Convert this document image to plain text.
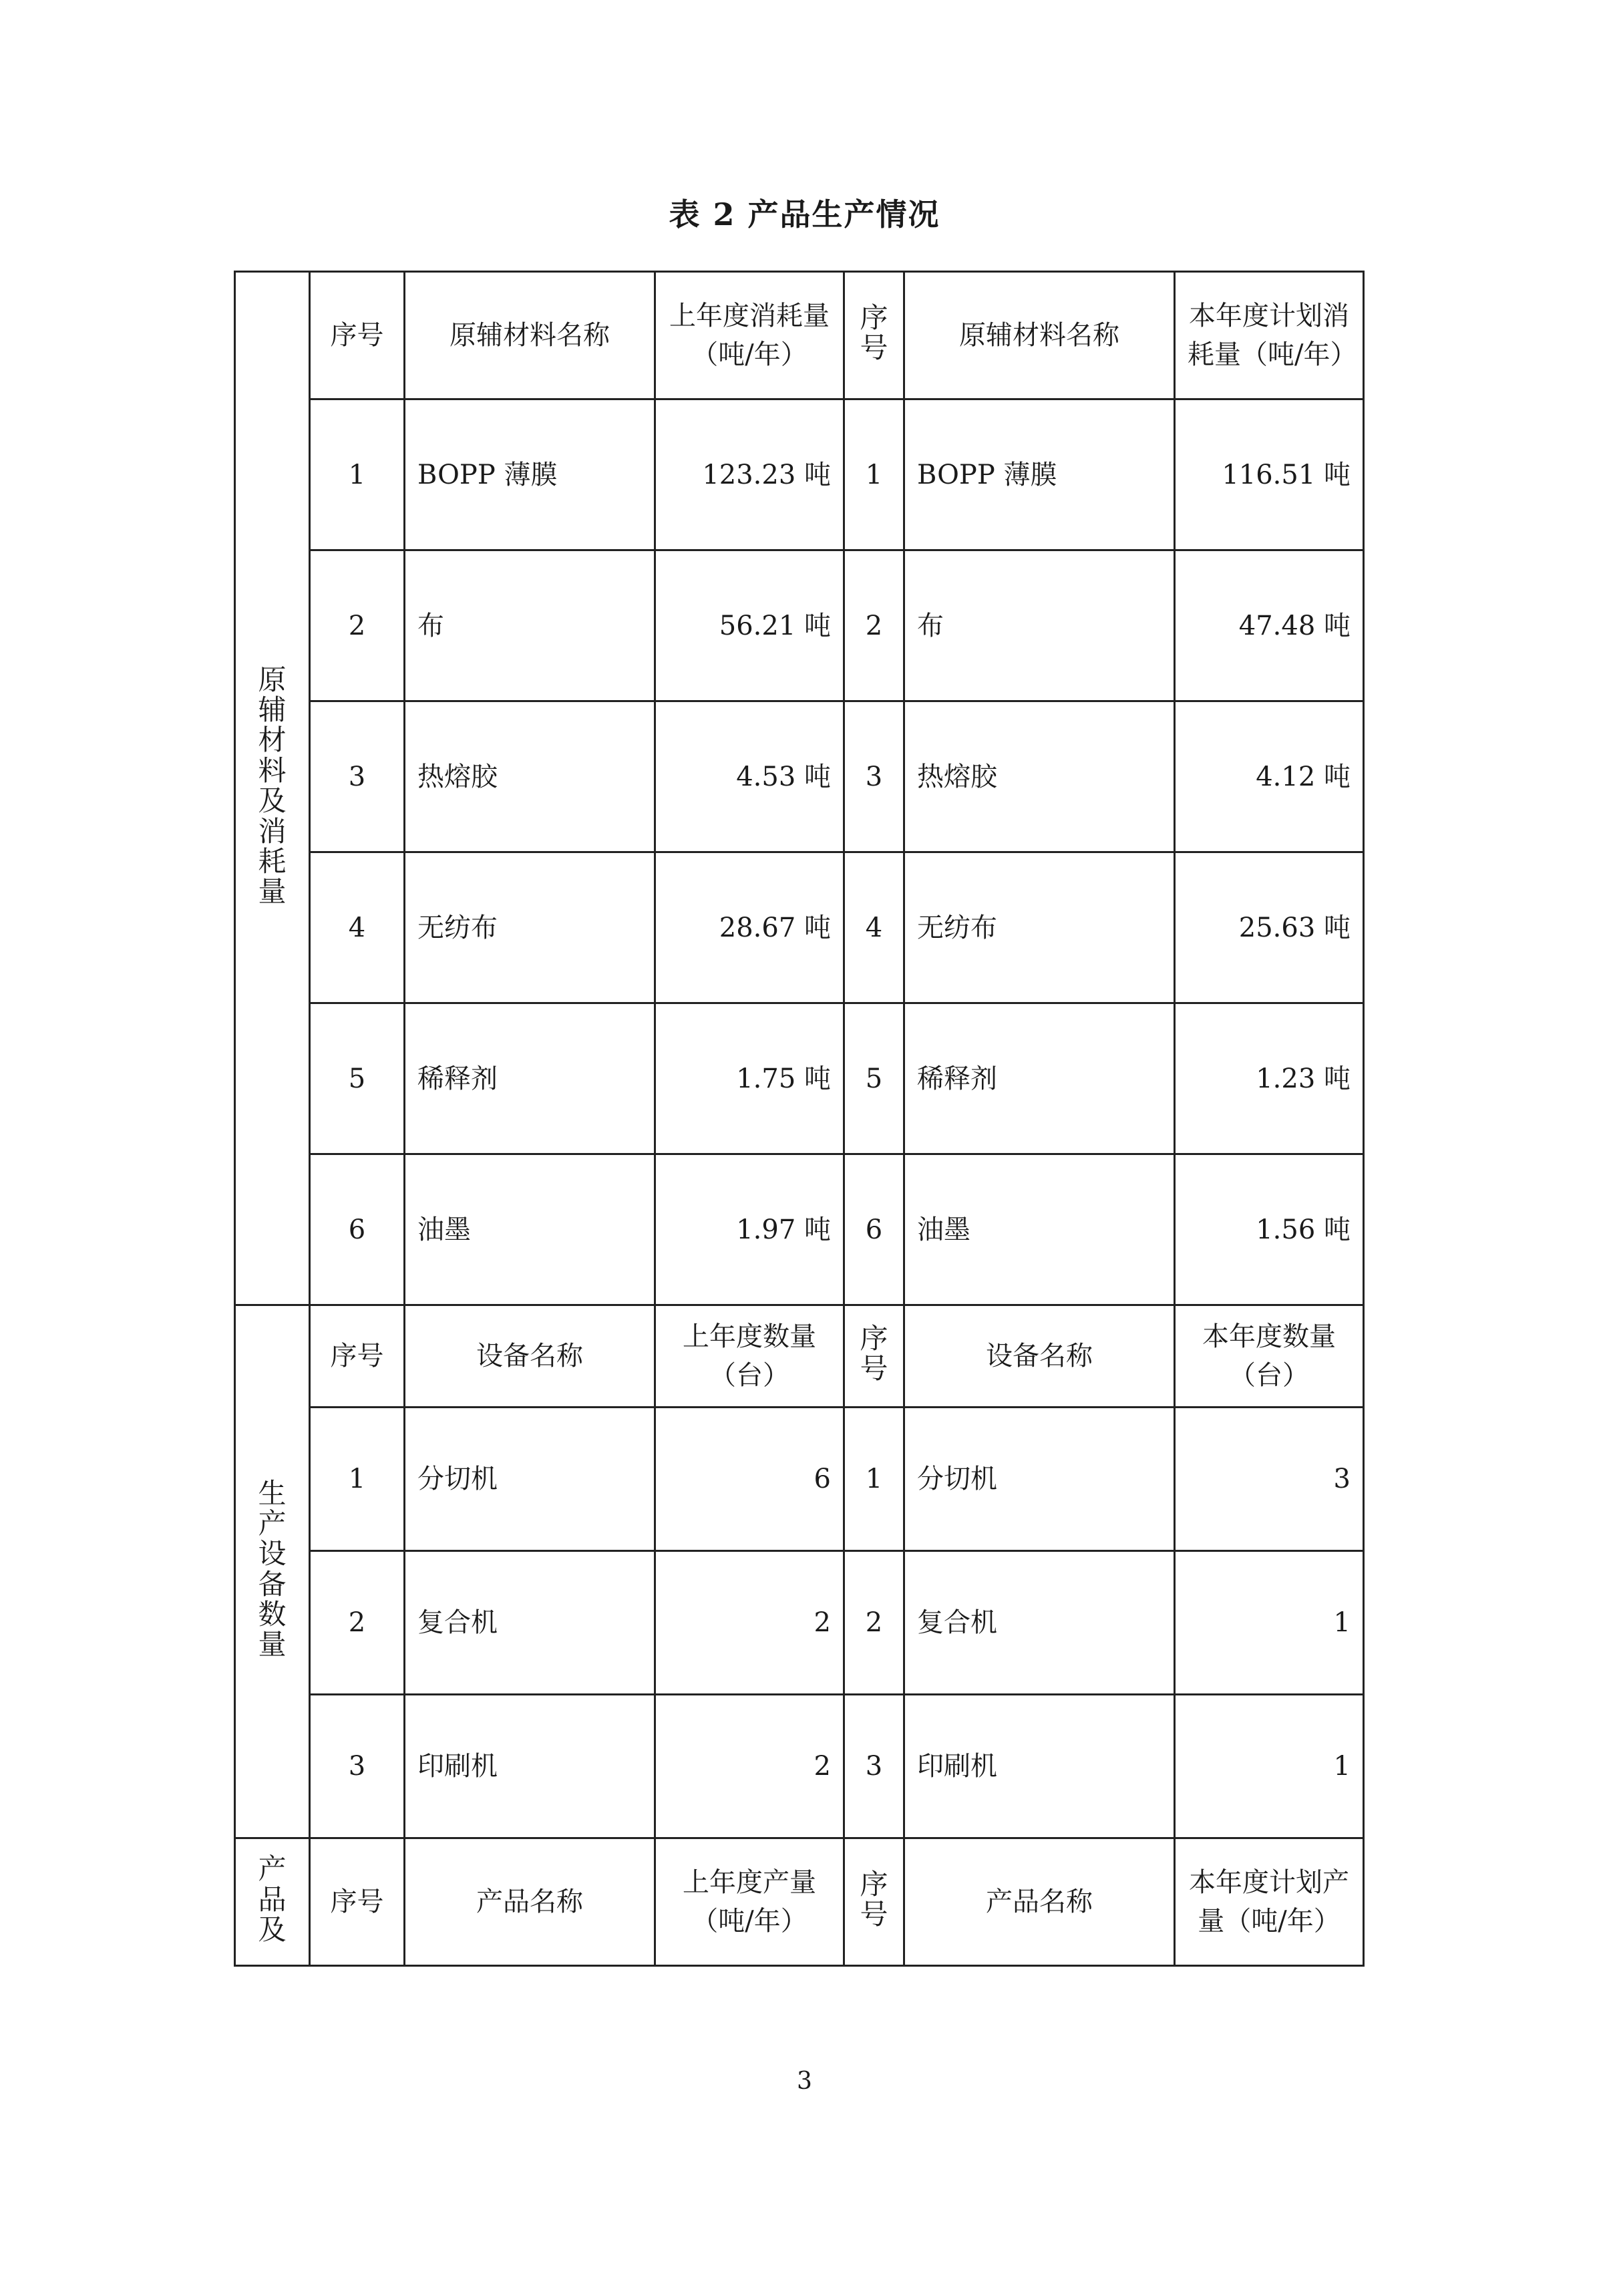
表 2 产品生产情况
原辅材料及消耗量	序号	原辅材料名称	上年度消耗量（吨/年）	序号	原辅材料名称	本年度计划消耗量（吨/年）
	1	BOPP 薄膜	123.23 吨	1	BOPP 薄膜	116.51 吨
	2	布	56.21 吨	2	布	47.48 吨
	3	热熔胶	4.53 吨	3	热熔胶	4.12 吨
	4	无纺布	28.67 吨	4	无纺布	25.63 吨
	5	稀释剂	1.75 吨	5	稀释剂	1.23 吨
	6	油墨	1.97 吨	6	油墨	1.56 吨
生产设备数量	序号	设备名称	上年度数量（台）	序号	设备名称	本年度数量（台）
	1	分切机	6	1	分切机	3
	2	复合机	2	2	复合机	1
	3	印刷机	2	3	印刷机	1
产品及	序号	产品名称	上年度产量（吨/年）	序号	产品名称	本年度计划产量（吨/年）
3
